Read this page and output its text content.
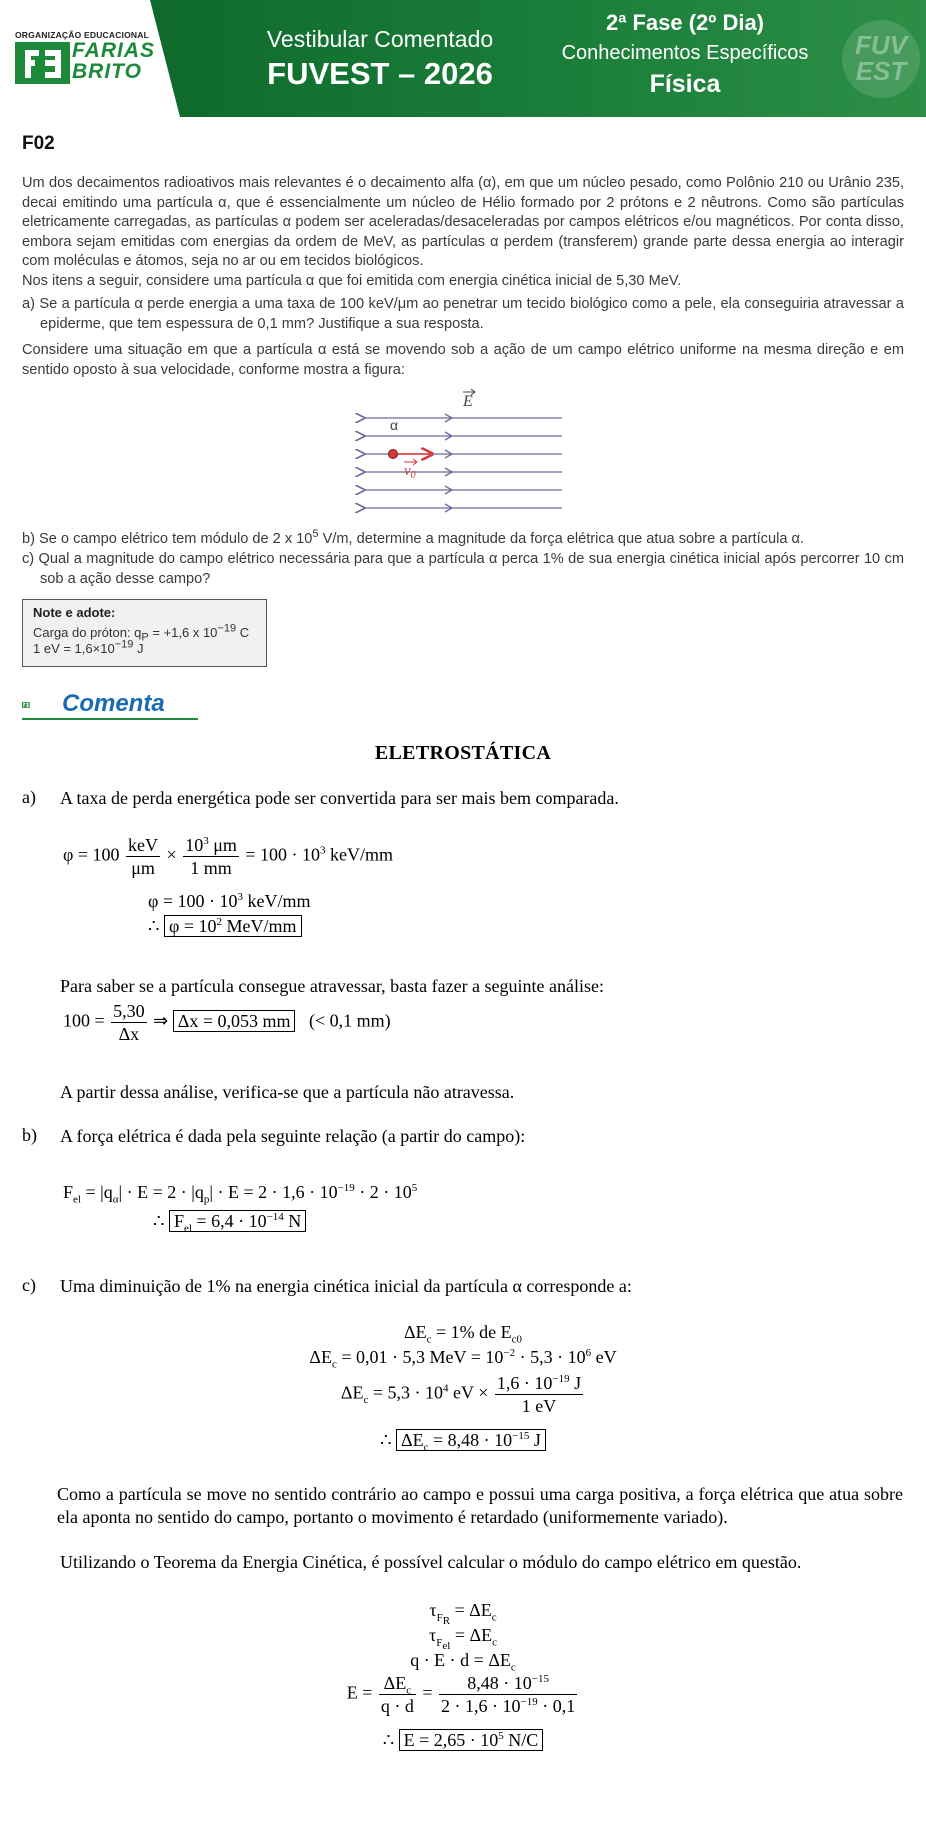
ORGANIZAÇÃO EDUCACIONAL
FARIAS
BRITO
Vestibular Comentado
FUVEST – 2026
2ª Fase (2º Dia)
Conhecimentos Específicos
Física
FUV
EST
F02
Um dos decaimentos radioativos mais relevantes é o decaimento alfa (α), em que um núcleo pesado, como Polônio 210 ou Urânio 235, decai emitindo uma partícula α, que é essencialmente um núcleo de Hélio formado por 2 prótons e 2 nêutrons. Como são partículas eletricamente carregadas, as partículas α podem ser aceleradas/desaceleradas por campos elétricos e/ou magnéticos. Por conta disso, embora sejam emitidas com energias da ordem de MeV, as partículas α perdem (transferem) grande parte dessa energia ao interagir com moléculas e átomos, seja no ar ou em tecidos biológicos.
Nos itens a seguir, considere uma partícula α que foi emitida com energia cinética inicial de 5,30 MeV.
a) Se a partícula α perde energia a uma taxa de 100 keV/μm ao penetrar um tecido biológico como a pele, ela conseguiria atravessar a epiderme, que tem espessura de 0,1 mm? Justifique a sua resposta.
Considere uma situação em que a partícula α está se movendo sob a ação de um campo elétrico uniforme na mesma direção e em sentido oposto à sua velocidade, conforme mostra a figura:
E
α
$v_0$
b) Se o campo elétrico tem módulo de 2 x $10^5$ V/m, determine a magnitude da força elétrica que atua sobre a partícula α.
c) Qual a magnitude do campo elétrico necessária para que a partícula α perca 1% de sua energia cinética inicial após percorrer 10 cm sob a ação desse campo?
Note e adote:
Carga do próton: $q_P = +1,6$ x $10^{-19}$ C
1 eV = $1,6\times 10^{-19}$ J
Comenta
ELETROSTÁTICA
a) A taxa de perda energética pode ser convertida para ser mais bem comparada.
$\varphi = 100 \frac{\text{keV}}{\mu m} \times \frac{10^3 \mu m}{1 mm} = 100 \cdot 10^3$ keV/mm
$\varphi = 100 \cdot 10^3$ keV/mm
∴ $\varphi = 10^2$ MeV/mm
Para saber se a partícula consegue atravessar, basta fazer a seguinte análise:
$100 = \frac{5,30}{\Delta x}$ ⇒ Δx = 0,053 mm   (< 0,1 mm)
A partir dessa análise, verifica-se que a partícula não atravessa.
b) A força elétrica é dada pela seguinte relação (a partir do campo):
$F_{el} = |q_\alpha| \cdot E = 2 \cdot |q_p| \cdot E = 2 \cdot 1,6 \cdot 10^{-19} \cdot 2 \cdot 10^5$
∴ $F_{el} = 6,4 \cdot 10^{-14}$ N
c) Uma diminuição de 1% na energia cinética inicial da partícula α corresponde a:
$\Delta E_c = 1\%$ de $E_{c0}$
$\Delta E_c = 0,01 \cdot 5,3$ MeV = $10^{-2} \cdot 5,3 \cdot 10^6$ eV
$\Delta E_c = 5,3 \cdot 10^4$ eV × $\frac{1,6 \cdot 10^{-19} J}{1 eV}$
∴ $\Delta E_c = 8,48 \cdot 10^{-15}$ J
Como a partícula se move no sentido contrário ao campo e possui uma carga positiva, a força elétrica que atua sobre ela aponta no sentido do campo, portanto o movimento é retardado (uniformemente variado).
Utilizando o Teorema da Energia Cinética, é possível calcular o módulo do campo elétrico em questão.
$\tau_{F_R} = \Delta E_c$
$\tau_{F_{el}} = \Delta E_c$
$q \cdot E \cdot d = \Delta E_c$
$E = \frac{\Delta E_c}{q \cdot d} = \frac{8,48 \cdot 10^{-15}}{2 \cdot 1,6 \cdot 10^{-19} \cdot 0,1}$
∴ $E = 2,65 \cdot 10^5$ N/C
